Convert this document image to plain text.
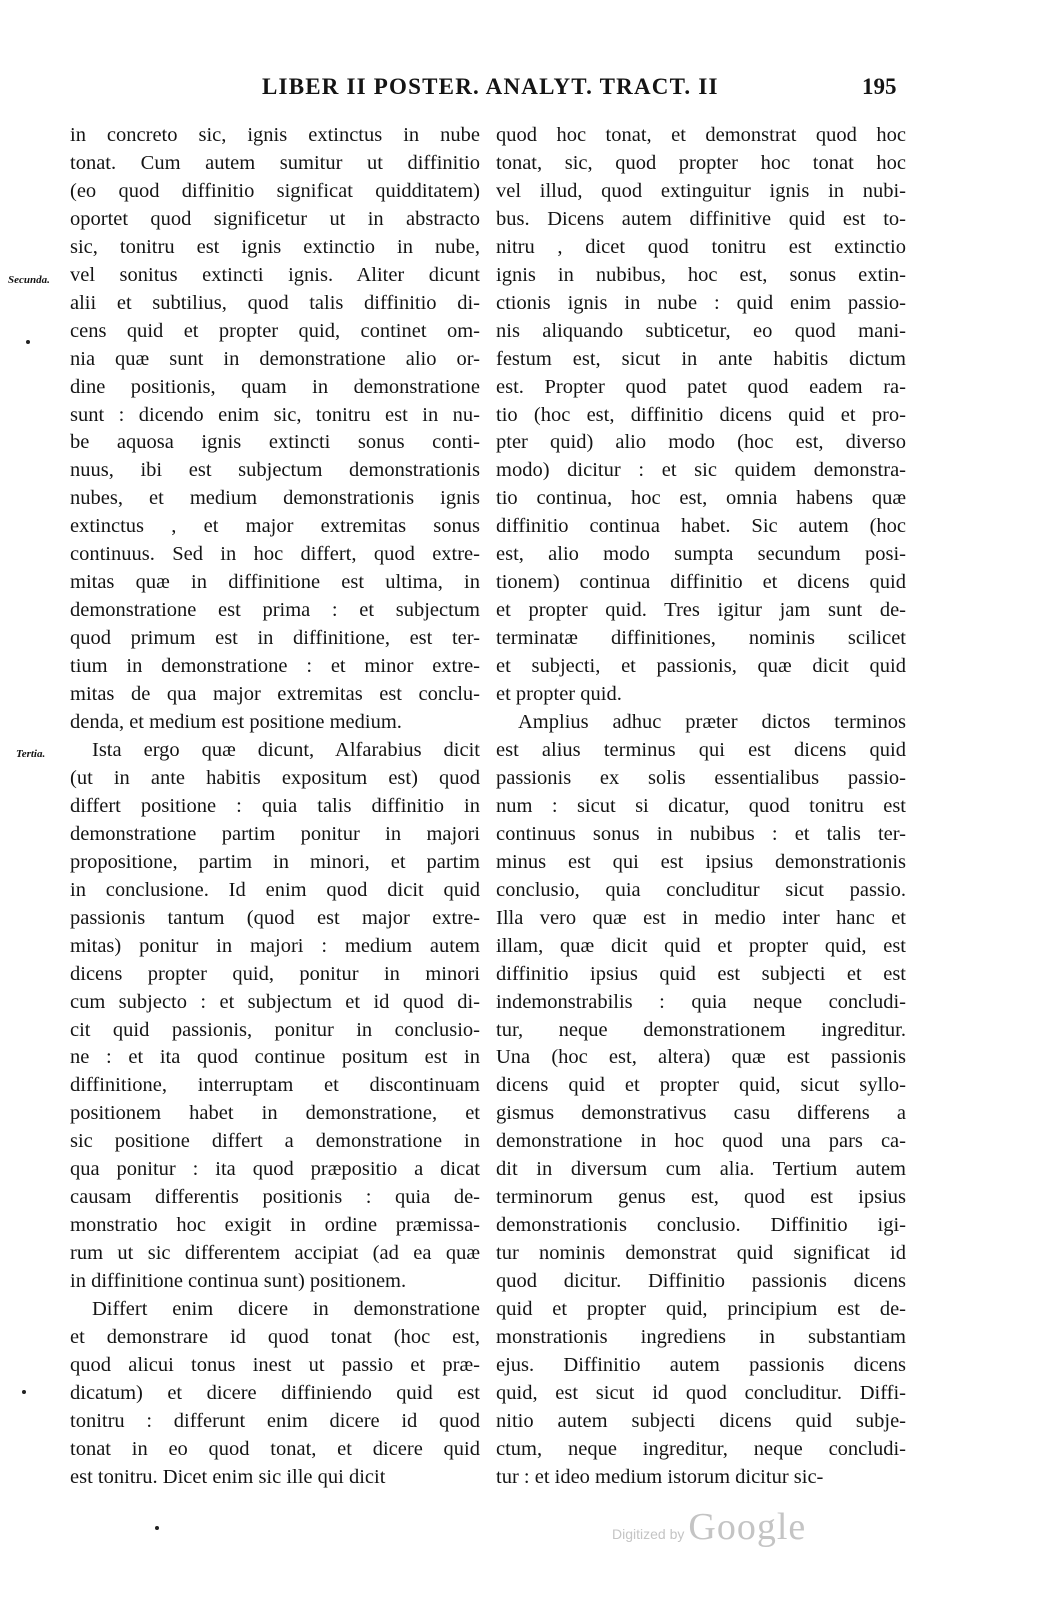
LIBER II POSTER. ANALYT. TRACT. II	195
Secunda.
Tertia.

in concreto sic, ignis extinctus in nube
tonat. Cum autem sumitur ut diffinitio
(eo quod diffinitio significat quidditatem)
oportet quod significetur ut in abstracto
sic, tonitru est ignis extinctio in nube,
vel sonitus extincti ignis. Aliter dicunt
alii et subtilius, quod talis diffinitio di-
cens quid et propter quid, continet om-
nia quæ sunt in demonstratione alio or-
dine positionis, quam in demonstratione
sunt : dicendo enim sic, tonitru est in nu-
be aquosa ignis extincti sonus conti-
nuus, ibi est subjectum demonstrationis
nubes, et medium demonstrationis ignis
extinctus , et major extremitas sonus
continuus. Sed in hoc differt, quod extre-
mitas quæ in diffinitione est ultima, in
demonstratione est prima : et subjectum
quod primum est in diffinitione, est ter-
tium in demonstratione : et minor extre-
mitas de qua major extremitas est conclu-
denda, et medium est positione medium.

Ista ergo quæ dicunt, Alfarabius dicit
(ut in ante habitis expositum est) quod
differt positione : quia talis diffinitio in
demonstratione partim ponitur in majori
propositione, partim in minori, et partim
in conclusione. Id enim quod dicit quid
passionis tantum (quod est major extre-
mitas) ponitur in majori : medium autem
dicens propter quid, ponitur in minori
cum subjecto : et subjectum et id quod di-
cit quid passionis, ponitur in conclusio-
ne : et ita quod continue positum est in
diffinitione, interruptam et discontinuam
positionem habet in demonstratione, et
sic positione differt a demonstratione in
qua ponitur : ita quod præpositio a dicat
causam differentis positionis : quia de-
monstratio hoc exigit in ordine præmissa-
rum ut sic differentem accipiat (ad ea quæ
in diffinitione continua sunt) positionem.

Differt enim dicere in demonstratione
et demonstrare id quod tonat (hoc est,
quod alicui tonus inest ut passio et præ-
dicatum) et dicere diffiniendo quid est
tonitru : differunt enim dicere id quod
tonat in eo quod tonat, et dicere quid
est tonitru. Dicet enim sic ille qui dicit

quod hoc tonat, et demonstrat quod hoc
tonat, sic, quod propter hoc tonat hoc
vel illud, quod extinguitur ignis in nubi-
bus. Dicens autem diffinitive quid est to-
nitru , dicet quod tonitru est extinctio
ignis in nubibus, hoc est, sonus extin-
ctionis ignis in nube : quid enim passio-
nis aliquando subticetur, eo quod mani-
festum est, sicut in ante habitis dictum
est. Propter quod patet quod eadem ra-
tio (hoc est, diffinitio dicens quid et pro-
pter quid) alio modo (hoc est, diverso
modo) dicitur : et sic quidem demonstra-
tio continua, hoc est, omnia habens quæ
diffinitio continua habet. Sic autem (hoc
est, alio modo sumpta secundum posi-
tionem) continua diffinitio et dicens quid
et propter quid. Tres igitur jam sunt de-
terminatæ diffinitiones, nominis scilicet
et subjecti, et passionis, quæ dicit quid
et propter quid.

Amplius adhuc præter dictos terminos
est alius terminus qui est dicens quid
passionis ex solis essentialibus passio-
num : sicut si dicatur, quod tonitru est
continuus sonus in nubibus : et talis ter-
minus est qui est ipsius demonstrationis
conclusio, quia concluditur sicut passio.
Illa vero quæ est in medio inter hanc et
illam, quæ dicit quid et propter quid, est
diffinitio ipsius quid est subjecti et est
indemonstrabilis : quia neque concludi-
tur, neque demonstrationem ingreditur.
Una (hoc est, altera) quæ est passionis
dicens quid et propter quid, sicut syllo-
gismus demonstrativus casu differens a
demonstratione in hoc quod una pars ca-
dit in diversum cum alia. Tertium autem
terminorum genus est, quod est ipsius
demonstrationis conclusio. Diffinitio igi-
tur nominis demonstrat quid significat id
quod dicitur. Diffinitio passionis dicens
quid et propter quid, principium est de-
monstrationis ingrediens in substantiam
ejus. Diffinitio autem passionis dicens
quid, est sicut id quod concluditur. Diffi-
nitio autem subjecti dicens quid subje-
ctum, neque ingreditur, neque concludi-
tur : et ideo medium istorum dicitur sic-

Digitized by Google
